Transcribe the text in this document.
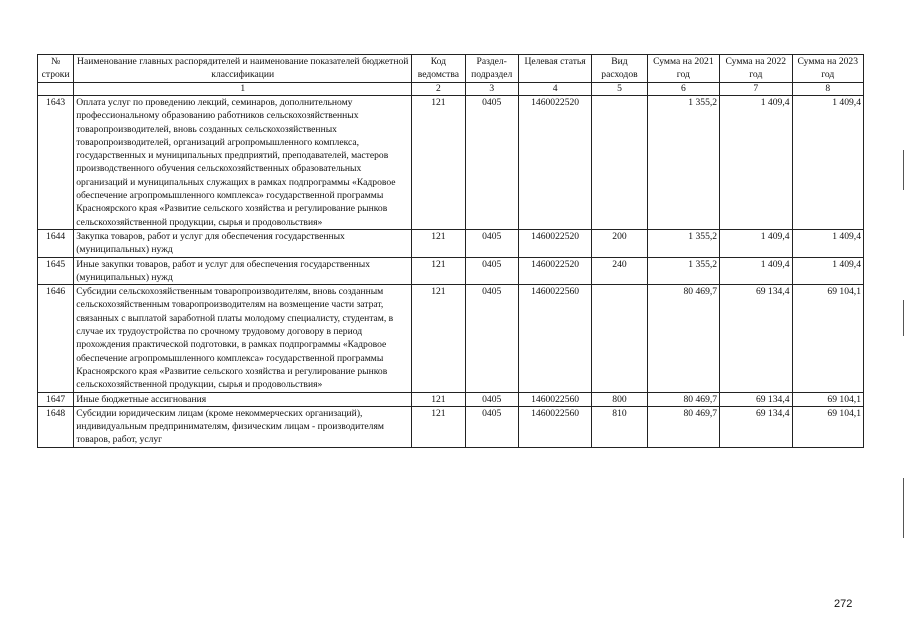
№ строки	Наименование главных распорядителей и наименование показателей бюджетной классификации	Код ведомства	Раздел-подраздел	Целевая статья	Вид расходов	Сумма на 2021 год	Сумма на 2022 год	Сумма на 2023 год
	1	2	3	4	5	6	7	8
1643	Оплата услуг по проведению лекций, семинаров, дополнительному профессиональному образованию работников сельскохозяйственных товаропроизводителей, вновь созданных сельскохозяйственных товаропроизводителей, организаций агропромышленного комплекса, государственных и муниципальных предприятий, преподавателей, мастеров производственного обучения сельскохозяйственных образовательных организаций и муниципальных служащих в рамках подпрограммы «Кадровое обеспечение агропромышленного комплекса» государственной программы Красноярского края «Развитие сельского хозяйства и регулирование рынков сельскохозяйственной продукции, сырья и продовольствия»	121	0405	1460022520		1 355,2	1 409,4	1 409,4
1644	Закупка товаров, работ и услуг для обеспечения государственных (муниципальных) нужд	121	0405	1460022520	200	1 355,2	1 409,4	1 409,4
1645	Иные закупки товаров, работ и услуг для обеспечения государственных (муниципальных) нужд	121	0405	1460022520	240	1 355,2	1 409,4	1 409,4
1646	Субсидии сельскохозяйственным товаропроизводителям, вновь созданным сельскохозяйственным товаропроизводителям на возмещение части затрат, связанных с выплатой заработной платы молодому специалисту, студентам, в случае их трудоустройства по срочному трудовому договору в период прохождения практической подготовки, в рамках подпрограммы «Кадровое обеспечение агропромышленного комплекса» государственной программы Красноярского края «Развитие сельского хозяйства и регулирование рынков сельскохозяйственной продукции, сырья и продовольствия»	121	0405	1460022560		80 469,7	69 134,4	69 104,1
1647	Иные бюджетные ассигнования	121	0405	1460022560	800	80 469,7	69 134,4	69 104,1
1648	Субсидии юридическим лицам (кроме некоммерческих организаций), индивидуальным предпринимателям, физическим лицам - производителям товаров, работ, услуг	121	0405	1460022560	810	80 469,7	69 134,4	69 104,1
272
